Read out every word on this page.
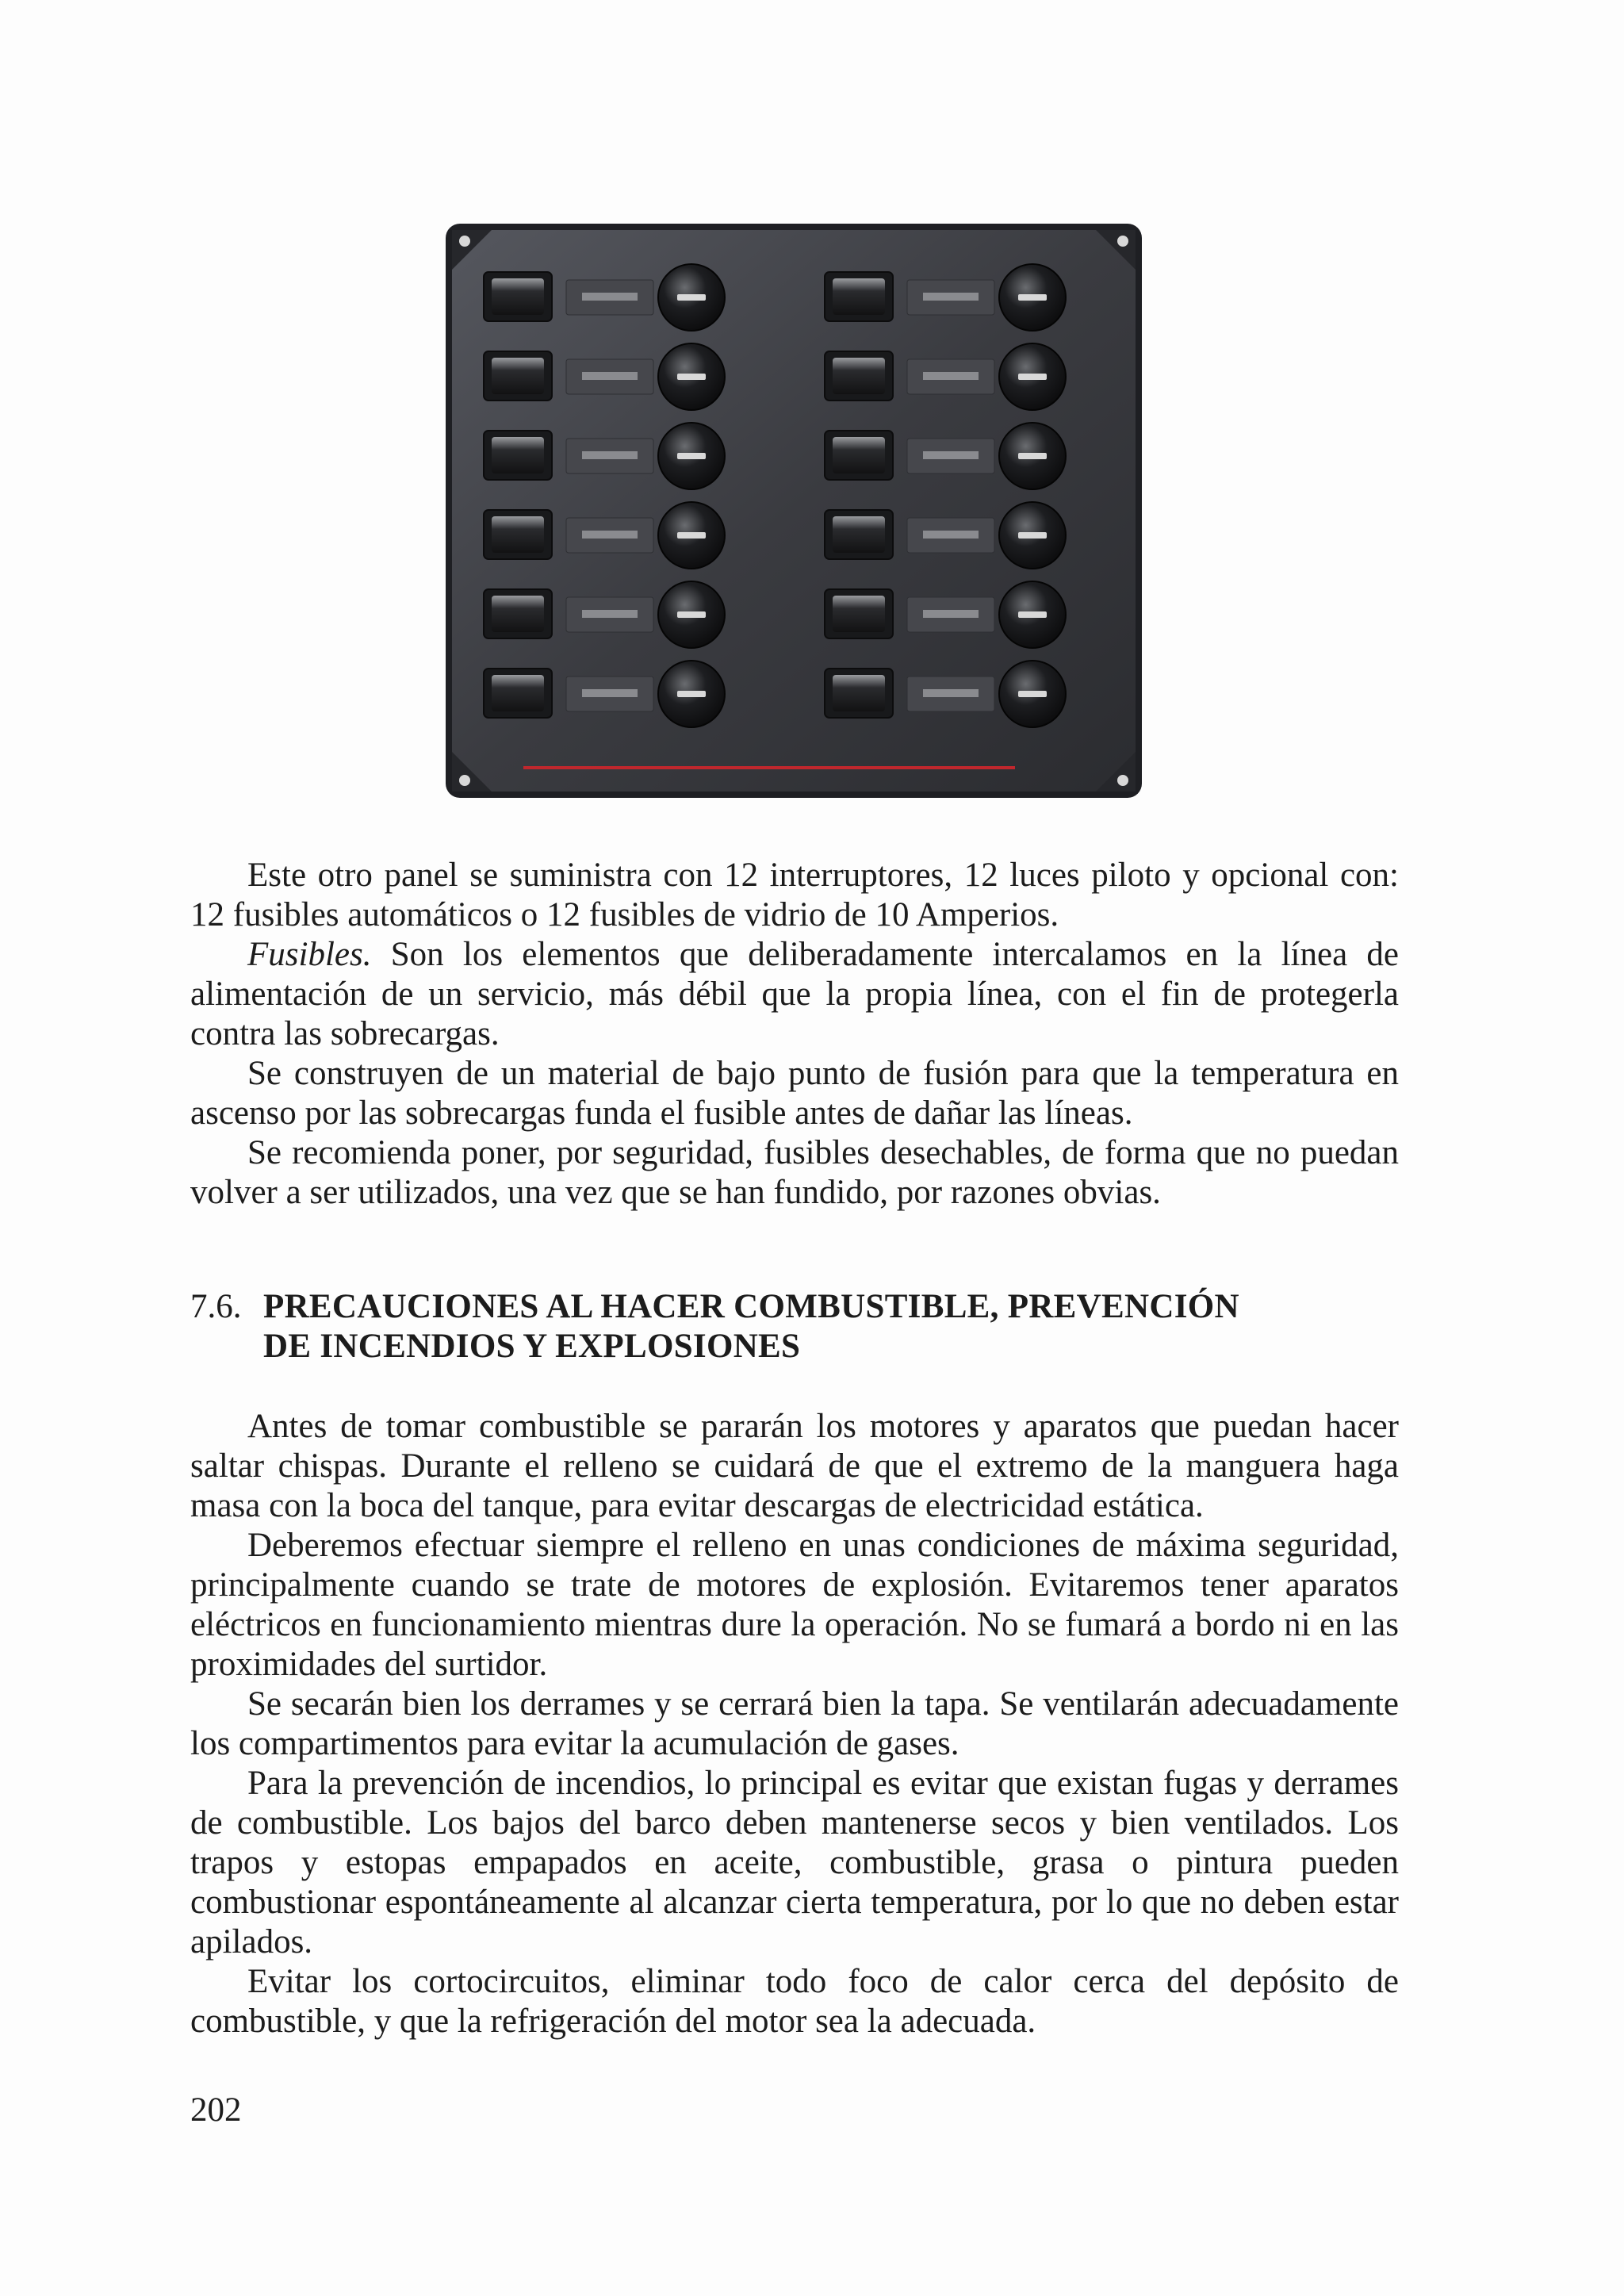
Este otro panel se suministra con 12 interruptores, 12 luces piloto y opcional con: 12 fusibles automáticos o 12 fusibles de vidrio de 10 Amperios.

Fusibles. Son los elementos que deliberadamente intercalamos en la línea de alimentación de un servicio, más débil que la propia línea, con el fin de protegerla contra las sobrecargas.

Se construyen de un material de bajo punto de fusión para que la temperatura en ascenso por las sobrecargas funda el fusible antes de dañar las líneas.

Se recomienda poner, por seguridad, fusibles desechables, de forma que no puedan volver a ser utilizados, una vez que se han fundido, por razones obvias.

7.6. PRECAUCIONES AL HACER COMBUSTIBLE, PREVENCIÓN
DE INCENDIOS Y EXPLOSIONES

Antes de tomar combustible se pararán los motores y aparatos que puedan hacer saltar chispas. Durante el relleno se cuidará de que el extremo de la manguera haga masa con la boca del tanque, para evitar descargas de electricidad estática.

Deberemos efectuar siempre el relleno en unas condiciones de máxima seguridad, principalmente cuando se trate de motores de explosión. Evitaremos tener aparatos eléctricos en funcionamiento mientras dure la operación. No se fumará a bordo ni en las proximidades del surtidor.

Se secarán bien los derrames y se cerrará bien la tapa. Se ventilarán adecuadamente los compartimentos para evitar la acumulación de gases.

Para la prevención de incendios, lo principal es evitar que existan fugas y derrames de combustible. Los bajos del barco deben mantenerse secos y bien ventilados. Los trapos y estopas empapados en aceite, combustible, grasa o pintura pueden combustionar espontáneamente al alcanzar cierta temperatura, por lo que no deben estar apilados.

Evitar los cortocircuitos, eliminar todo foco de calor cerca del depósito de combustible, y que la refrigeración del motor sea la adecuada.

202
